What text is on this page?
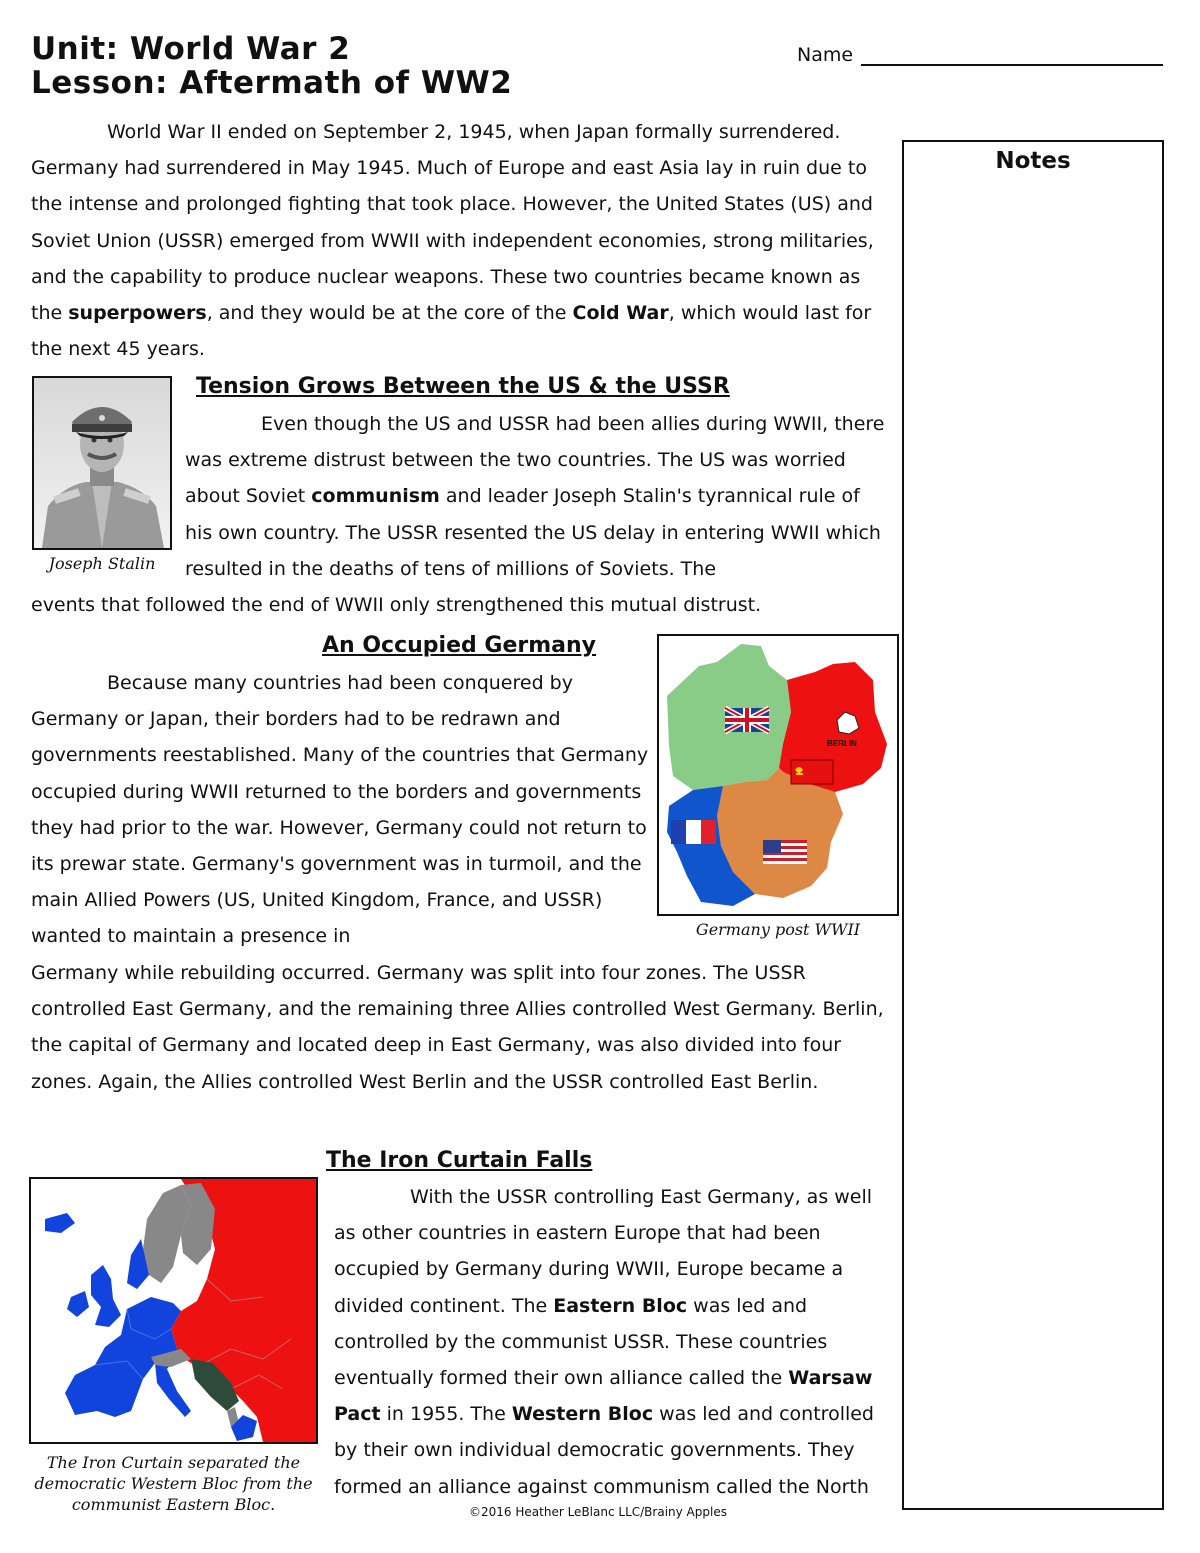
Unit: World War 2
Lesson: Aftermath of WW2
Name
Notes

World War II ended on September 2, 1945, when Japan formally surrendered. Germany had surrendered in May 1945. Much of Europe and east Asia lay in ruin due to the intense and prolonged fighting that took place. However, the United States (US) and Soviet Union (USSR) emerged from WWII with independent economies, strong militaries, and the capability to produce nuclear weapons. These two countries became known as the superpowers, and they would be at the core of the Cold War, which would last for the next 45 years.

Joseph Stalin
Tension Grows Between the US & the USSR

Even though the US and USSR had been allies during WWII, there was extreme distrust between the two countries. The US was worried about Soviet communism and leader Joseph Stalin's tyrannical rule of his own country. The USSR resented the US delay in entering WWII which resulted in the deaths of tens of millions of Soviets. The

events that followed the end of WWII only strengthened this mutual distrust.

An Occupied Germany

Because many countries had been conquered by Germany or Japan, their borders had to be redrawn and governments reestablished. Many of the countries that Germany occupied during WWII returned to the borders and governments they had prior to the war. However, Germany could not return to its prewar state. Germany's government was in turmoil, and the main Allied Powers (US, United Kingdom, France, and USSR) wanted to maintain a presence in

Germany while rebuilding occurred. Germany was split into four zones. The USSR controlled East Germany, and the remaining three Allies controlled West Germany. Berlin, the capital of Germany and located deep in East Germany, was also divided into four zones. Again, the Allies controlled West Berlin and the USSR controlled East Berlin.

BERLIN
Germany post WWII
The Iron Curtain Falls

With the USSR controlling East Germany, as well as other countries in eastern Europe that had been occupied by Germany during WWII, Europe became a divided continent. The Eastern Bloc was led and controlled by the communist USSR. These countries eventually formed their own alliance called the Warsaw Pact in 1955. The Western Bloc was led and controlled by their own individual democratic governments. They formed an alliance against communism called the North

The Iron Curtain separated the democratic Western Bloc from the communist Eastern Bloc.	©2016 Heather LeBlanc LLC/Brainy Apples
